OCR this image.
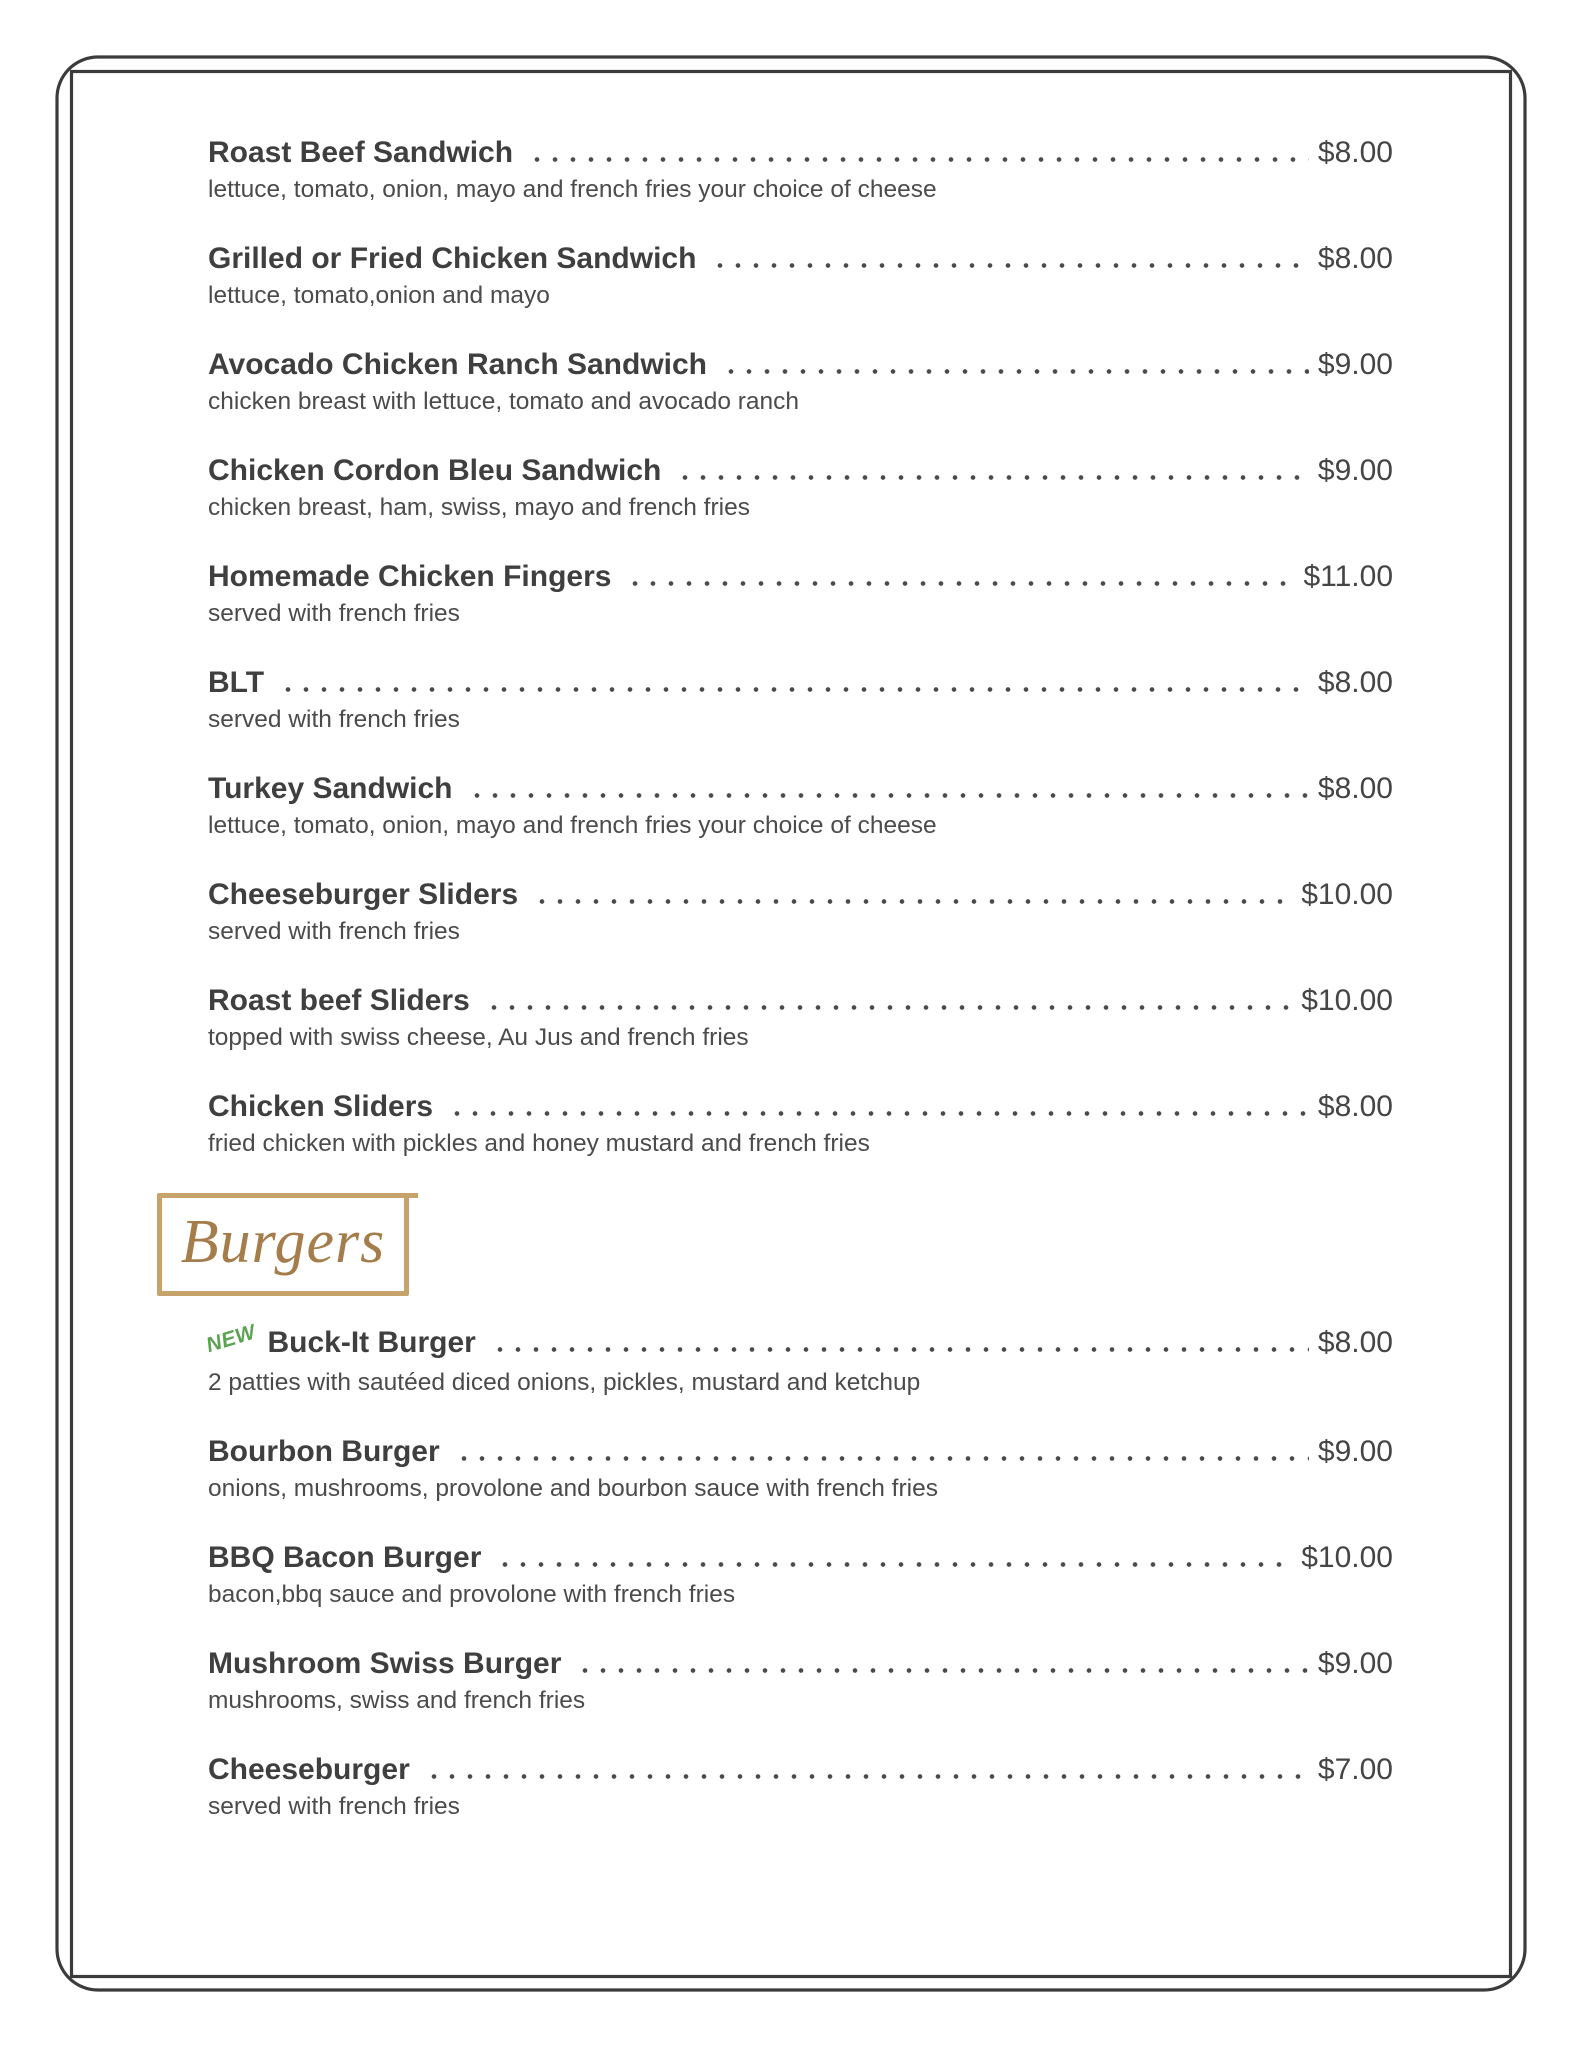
Roast Beef Sandwich	$8.00
lettuce, tomato, onion, mayo and french fries your choice of cheese
Grilled or Fried Chicken Sandwich	$8.00
lettuce, tomato,onion and mayo
Avocado Chicken Ranch Sandwich	$9.00
chicken breast with lettuce, tomato and avocado ranch
Chicken Cordon Bleu Sandwich	$9.00
chicken breast, ham, swiss, mayo and french fries
Homemade Chicken Fingers	$11.00
served with french fries
BLT	$8.00
served with french fries
Turkey Sandwich	$8.00
lettuce, tomato, onion, mayo and french fries your choice of cheese
Cheeseburger Sliders	$10.00
served with french fries
Roast beef Sliders	$10.00
topped with swiss cheese, Au Jus and french fries
Chicken Sliders	$8.00
fried chicken with pickles and honey mustard and french fries
Burgers
NEW Buck-It Burger	$8.00
2 patties with sautéed diced onions, pickles, mustard and ketchup
Bourbon Burger	$9.00
onions, mushrooms, provolone and bourbon sauce with french fries
BBQ Bacon Burger	$10.00
bacon,bbq sauce and provolone with french fries
Mushroom Swiss Burger	$9.00
mushrooms, swiss and french fries
Cheeseburger	$7.00
served with french fries
